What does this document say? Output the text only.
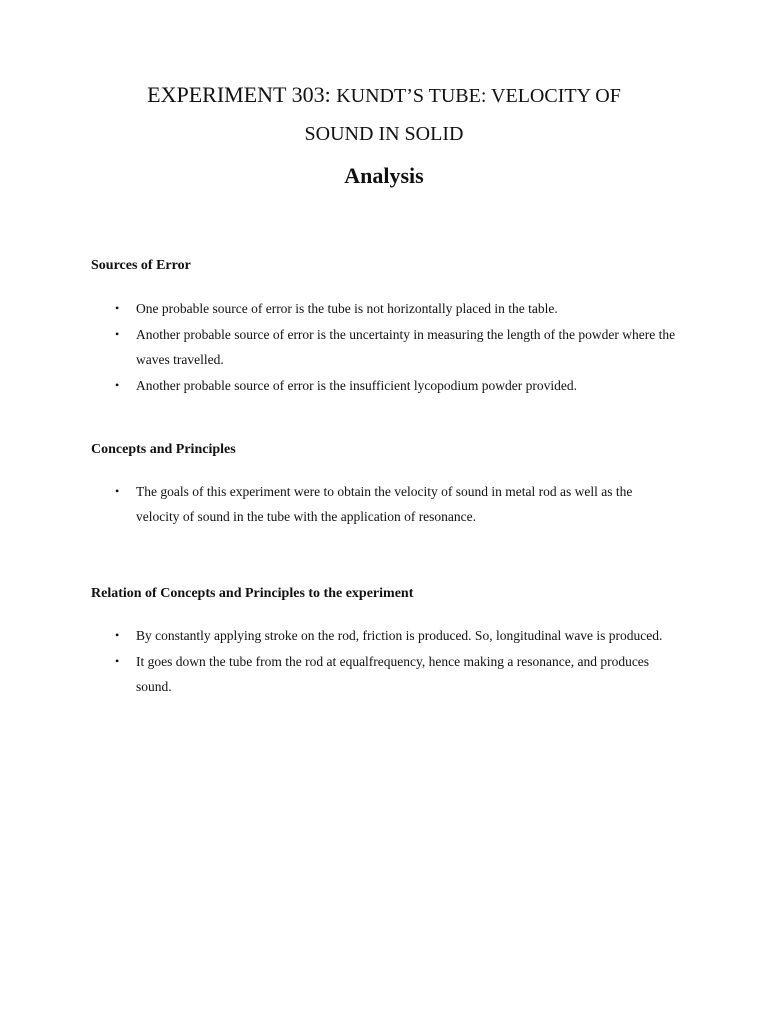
EXPERIMENT 303: KUNDT’S TUBE: VELOCITY OF
SOUND IN SOLID
Analysis
Sources of Error
• One probable source of error is the tube is not horizontally placed in the table.
• Another probable source of error is the uncertainty in measuring the length of the powder where the waves travelled.
• Another probable source of error is the insufficient lycopodium powder provided.
Concepts and Principles
• The goals of this experiment were to obtain the velocity of sound in metal rod as well as the velocity of sound in the tube with the application of resonance.
Relation of Concepts and Principles to the experiment
• By constantly applying stroke on the rod, friction is produced. So, longitudinal wave is produced.
• It goes down the tube from the rod at equalfrequency, hence making a resonance, and produces sound.
